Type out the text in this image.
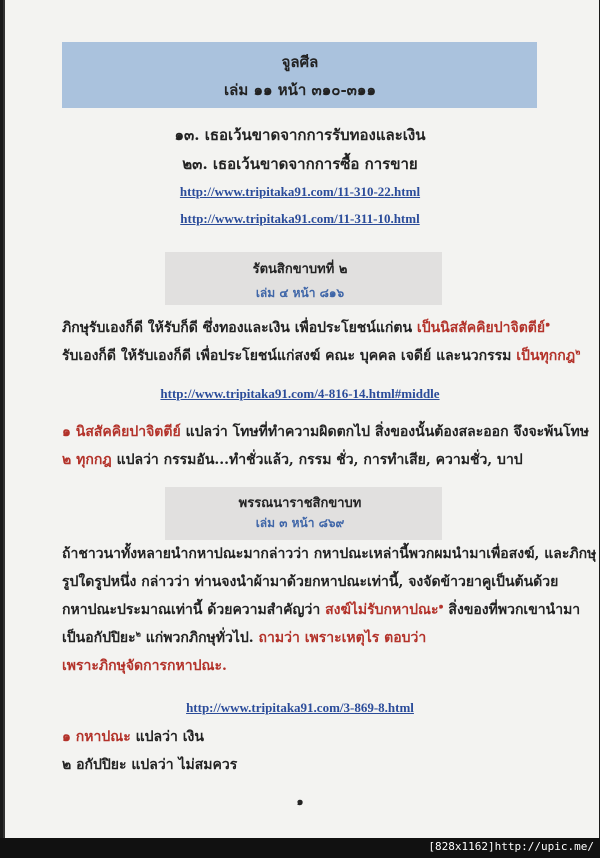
จูลศีล
เล่ม ๑๑ หน้า ๓๑๐-๓๑๑
๑๓. เธอเว้นขาดจากการรับทองและเงิน
๒๓. เธอเว้นขาดจากการซื้อ การขาย
http://www.tripitaka91.com/11-310-22.html
http://www.tripitaka91.com/11-311-10.html
รัตนสิกขาบทที่ ๒
เล่ม ๔ หน้า ๘๑๖
ภิกษุรับเองก็ดี ให้รับก็ดี ซึ่งทองและเงิน เพื่อประโยชน์แก่ตน เป็นนิสสัคคิยปาจิตตีย์$^๑$
รับเองก็ดี ให้รับเองก็ดี เพื่อประโยชน์แก่สงฆ์ คณะ บุคคล เจดีย์ และนวกรรม เป็นทุกกฎ$^๒$
http://www.tripitaka91.com/4-816-14.html#middle
๑ นิสสัคคิยปาจิตตีย์ แปลว่า โทษที่ทำความผิดตกไป สิ่งของนั้นต้องสละออก จึงจะพ้นโทษ
๒ ทุกกฎ แปลว่า กรรมอัน...ทำชั่วแล้ว, กรรม ชั่ว, การทำเสีย, ความชั่ว, บาป
พรรณนาราชสิกขาบท
เล่ม ๓ หน้า ๘๖๙
ถ้าชาวนาทั้งหลายนำกหาปณะมากล่าวว่า กหาปณะเหล่านี้พวกผมนำมาเพื่อสงฆ์, และภิกษุ
รูปใดรูปหนึ่ง กล่าวว่า ท่านจงนำผ้ามาด้วยกหาปณะเท่านี้, จงจัดข้าวยาคูเป็นต้นด้วย
กหาปณะประมาณเท่านี้ ด้วยความสำคัญว่า สงฆ์ไม่รับกหาปณะ$^๑$ สิ่งของที่พวกเขานำมา
เป็นอกัปปิยะ$^๒$ แก่พวกภิกษุทั่วไป. ถามว่า เพราะเหตุไร ตอบว่า
เพราะภิกษุจัดการกหาปณะ.
http://www.tripitaka91.com/3-869-8.html
๑ กหาปณะ แปลว่า เงิน
๒ อกัปปิยะ แปลว่า ไม่สมควร
๑
[828x1162]http://upic.me/
